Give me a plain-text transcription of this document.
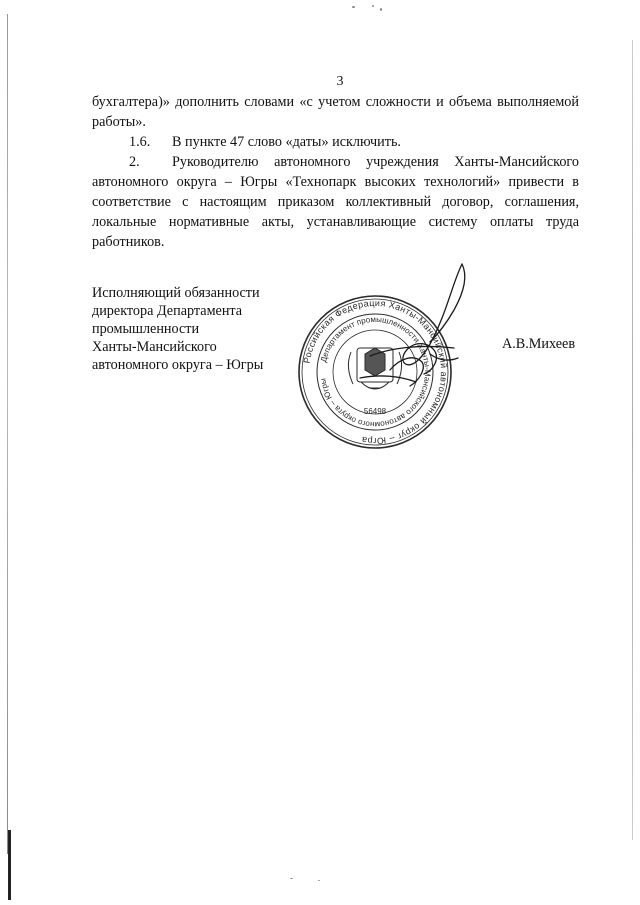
3

бухгалтера)» дополнить словами «с учетом сложности и объема выполняемой работы».

1.6. В пункте 47 слово «даты» исключить.

2. Руководителю автономного учреждения Ханты-Мансийского автономного округа – Югры «Технопарк высоких технологий» привести в соответствие с настоящим приказом коллективный договор, соглашения, локальные нормативные акты, устанавливающие систему оплаты труда работников.

Исполняющий обязанности
директора Департамента
промышленности
Ханты-Мансийского
автономного округа – Югры	Российская Федерация Ханты-Мансийский автономный округ – Югра
Департамент промышленности Ханты-Мансийского автономного округа – Югры
56498
А.В.Михеев
